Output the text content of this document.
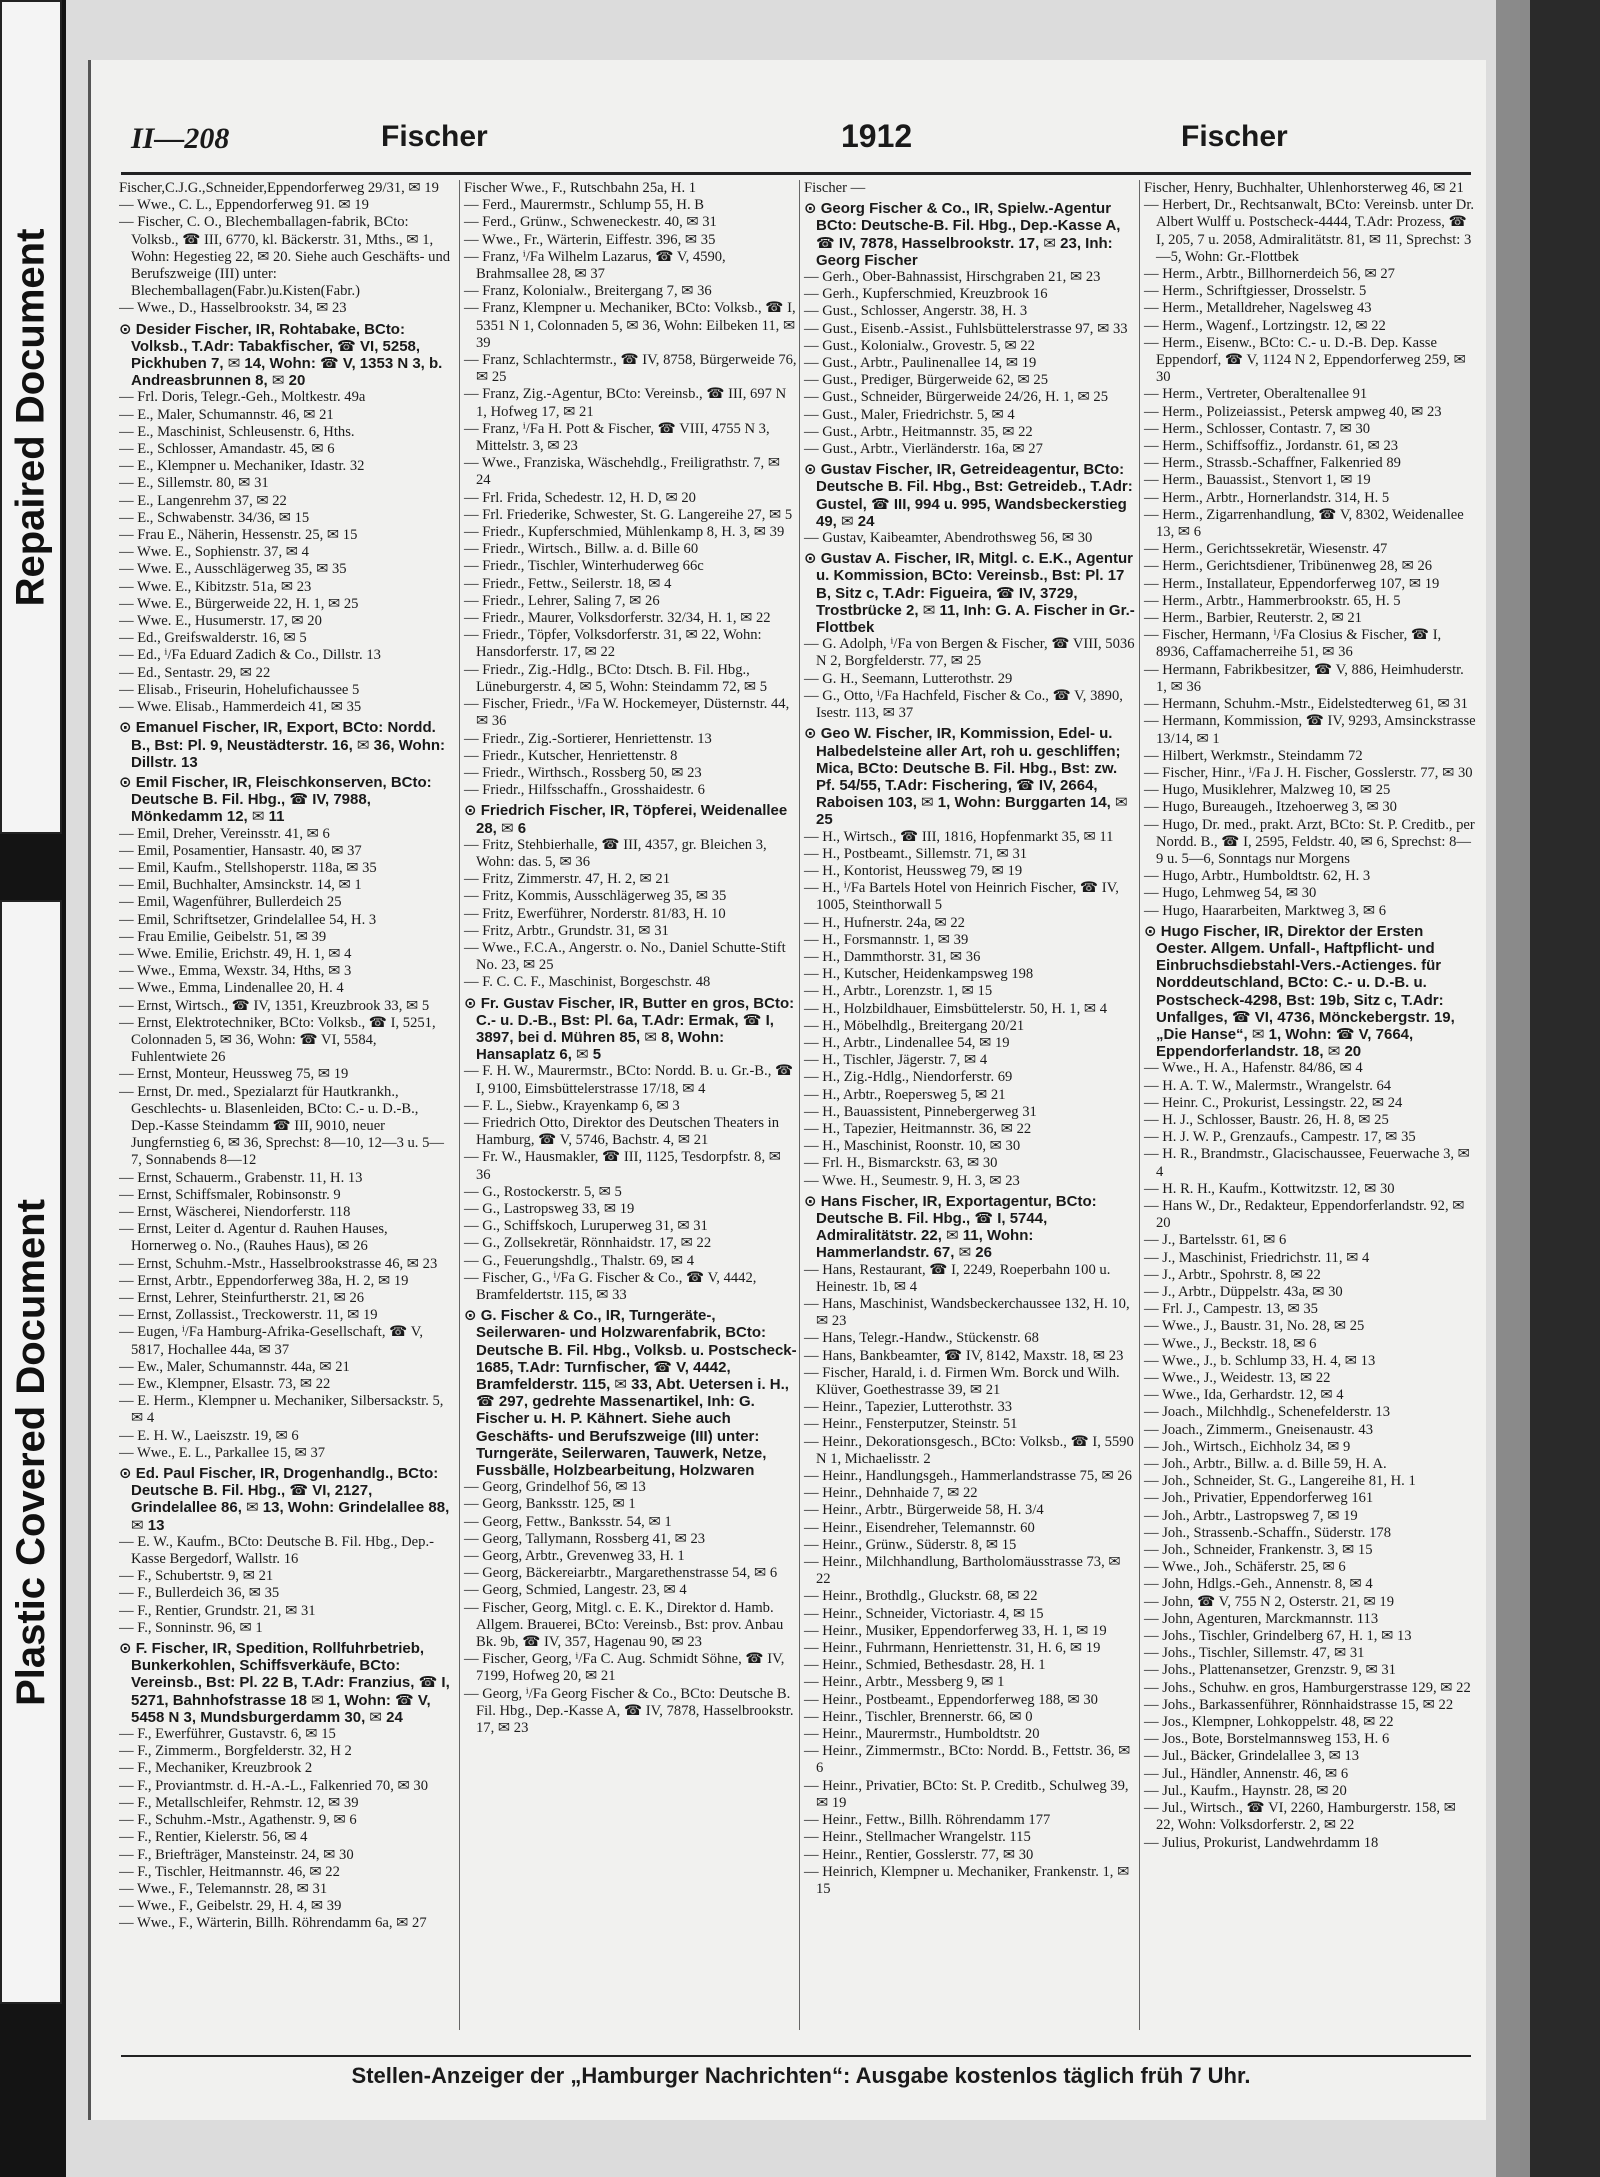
Repaired Document
Plastic Covered Document
II—208	Fischer	1912	Fischer

Fischer,C.J.G.,Schneider,Eppendorferweg 29/31, ✉ 19

— Wwe., C. L., Eppendorferweg 91. ✉ 19

— Fischer, C. O., Blechemballagen-fabrik, BCto: Volksb., ☎ III, 6770, kl. Bäckerstr. 31, Mths., ✉ 1, Wohn: Hegestieg 22, ✉ 20. Siehe auch Geschäfts- und Berufszweige (III) unter: Blechemballagen(Fabr.)u.Kisten(Fabr.)

— Wwe., D., Hasselbrookstr. 34, ✉ 23

⊙ Desider Fischer, IR, Rohtabake, BCto: Volksb., T.Adr: Tabakfischer, ☎ VI, 5258, Pickhuben 7, ✉ 14, Wohn: ☎ V, 1353 N 3, b. Andreasbrunnen 8, ✉ 20

— Frl. Doris, Telegr.-Geh., Moltkestr. 49a

— E., Maler, Schumannstr. 46, ✉ 21

— E., Maschinist, Schleusenstr. 6, Hths.

— E., Schlosser, Amandastr. 45, ✉ 6

— E., Klempner u. Mechaniker, Idastr. 32

— E., Sillemstr. 80, ✉ 31

— E., Langenrehm 37, ✉ 22

— E., Schwabenstr. 34/36, ✉ 15

— Frau E., Näherin, Hessenstr. 25, ✉ 15

— Wwe. E., Sophienstr. 37, ✉ 4

— Wwe. E., Ausschlägerweg 35, ✉ 35

— Wwe. E., Kibitzstr. 51a, ✉ 23

— Wwe. E., Bürgerweide 22, H. 1, ✉ 25

— Wwe. E., Husumerstr. 17, ✉ 20

— Ed., Greifswalderstr. 16, ✉ 5

— Ed., ⁱ/Fa Eduard Zadich & Co., Dillstr. 13

— Ed., Sentastr. 29, ✉ 22

— Elisab., Friseurin, Hohelufichaussee 5

— Wwe. Elisab., Hammerdeich 41, ✉ 35

⊙ Emanuel Fischer, IR, Export, BCto: Nordd. B., Bst: Pl. 9, Neustädterstr. 16, ✉ 36, Wohn: Dillstr. 13

⊙ Emil Fischer, IR, Fleischkonserven, BCto: Deutsche B. Fil. Hbg., ☎ IV, 7988, Mönkedamm 12, ✉ 11

— Emil, Dreher, Vereinsstr. 41, ✉ 6

— Emil, Posamentier, Hansastr. 40, ✉ 37

— Emil, Kaufm., Stellshoperstr. 118a, ✉ 35

— Emil, Buchhalter, Amsinckstr. 14, ✉ 1

— Emil, Wagenführer, Bullerdeich 25

— Emil, Schriftsetzer, Grindelallee 54, H. 3

— Frau Emilie, Geibelstr. 51, ✉ 39

— Wwe. Emilie, Erichstr. 49, H. 1, ✉ 4

— Wwe., Emma, Wexstr. 34, Hths, ✉ 3

— Wwe., Emma, Lindenallee 20, H. 4

— Ernst, Wirtsch., ☎ IV, 1351, Kreuzbrook 33, ✉ 5

— Ernst, Elektrotechniker, BCto: Volksb., ☎ I, 5251, Colonnaden 5, ✉ 36, Wohn: ☎ VI, 5584, Fuhlentwiete 26

— Ernst, Monteur, Heussweg 75, ✉ 19

— Ernst, Dr. med., Spezialarzt für Hautkrankh., Geschlechts- u. Blasenleiden, BCto: C.- u. D.-B., Dep.-Kasse Steindamm ☎ III, 9010, neuer Jungfernstieg 6, ✉ 36, Sprechst: 8—10, 12—3 u. 5—7, Sonnabends 8—12

— Ernst, Schauerm., Grabenstr. 11, H. 13

— Ernst, Schiffsmaler, Robinsonstr. 9

— Ernst, Wäscherei, Niendorferstr. 118

— Ernst, Leiter d. Agentur d. Rauhen Hauses, Hornerweg o. No., (Rauhes Haus), ✉ 26

— Ernst, Schuhm.-Mstr., Hasselbrookstrasse 46, ✉ 23

— Ernst, Arbtr., Eppendorferweg 38a, H. 2, ✉ 19

— Ernst, Lehrer, Steinfurtherstr. 21, ✉ 26

— Ernst, Zollassist., Treckowerstr. 11, ✉ 19

— Eugen, ⁱ/Fa Hamburg-Afrika-Gesellschaft, ☎ V, 5817, Hochallee 44a, ✉ 37

— Ew., Maler, Schumannstr. 44a, ✉ 21

— Ew., Klempner, Elsastr. 73, ✉ 22

— E. Herm., Klempner u. Mechaniker, Silbersackstr. 5, ✉ 4

— E. H. W., Laeiszstr. 19, ✉ 6

— Wwe., E. L., Parkallee 15, ✉ 37

⊙ Ed. Paul Fischer, IR, Drogenhandlg., BCto: Deutsche B. Fil. Hbg., ☎ VI, 2127, Grindelallee 86, ✉ 13, Wohn: Grindelallee 88, ✉ 13

— E. W., Kaufm., BCto: Deutsche B. Fil. Hbg., Dep.-Kasse Bergedorf, Wallstr. 16

— F., Schubertstr. 9, ✉ 21

— F., Bullerdeich 36, ✉ 35

— F., Rentier, Grundstr. 21, ✉ 31

— F., Sonninstr. 96, ✉ 1

⊙ F. Fischer, IR, Spedition, Rollfuhrbetrieb, Bunkerkohlen, Schiffsverkäufe, BCto: Vereinsb., Bst: Pl. 22 B, T.Adr: Franzius, ☎ I, 5271, Bahnhofstrasse 18 ✉ 1, Wohn: ☎ V, 5458 N 3, Mundsburgerdamm 30, ✉ 24

— F., Ewerführer, Gustavstr. 6, ✉ 15

— F., Zimmerm., Borgfelderstr. 32, H 2

— F., Mechaniker, Kreuzbrook 2

— F., Proviantmstr. d. H.-A.-L., Falkenried 70, ✉ 30

— F., Metallschleifer, Rehmstr. 12, ✉ 39

— F., Schuhm.-Mstr., Agathenstr. 9, ✉ 6

— F., Rentier, Kielerstr. 56, ✉ 4

— F., Briefträger, Mansteinstr. 24, ✉ 30

— F., Tischler, Heitmannstr. 46, ✉ 22

— Wwe., F., Telemannstr. 28, ✉ 31

— Wwe., F., Geibelstr. 29, H. 4, ✉ 39

— Wwe., F., Wärterin, Billh. Röhrendamm 6a, ✉ 27

Fischer Wwe., F., Rutschbahn 25a, H. 1

— Ferd., Maurermstr., Schlump 55, H. B

— Ferd., Grünw., Schweneckestr. 40, ✉ 31

— Wwe., Fr., Wärterin, Eiffestr. 396, ✉ 35

— Franz, ⁱ/Fa Wilhelm Lazarus, ☎ V, 4590, Brahmsallee 28, ✉ 37

— Franz, Kolonialw., Breitergang 7, ✉ 36

— Franz, Klempner u. Mechaniker, BCto: Volksb., ☎ I, 5351 N 1, Colonnaden 5, ✉ 36, Wohn: Eilbeken 11, ✉ 39

— Franz, Schlachtermstr., ☎ IV, 8758, Bürgerweide 76, ✉ 25

— Franz, Zig.-Agentur, BCto: Vereinsb., ☎ III, 697 N 1, Hofweg 17, ✉ 21

— Franz, ⁱ/Fa H. Pott & Fischer, ☎ VIII, 4755 N 3, Mittelstr. 3, ✉ 23

— Wwe., Franziska, Wäschehdlg., Freiligrathstr. 7, ✉ 24

— Frl. Frida, Schedestr. 12, H. D, ✉ 20

— Frl. Friederike, Schwester, St. G. Langereihe 27, ✉ 5

— Friedr., Kupferschmied, Mühlenkamp 8, H. 3, ✉ 39

— Friedr., Wirtsch., Billw. a. d. Bille 60

— Friedr., Tischler, Winterhuderweg 66c

— Friedr., Fettw., Seilerstr. 18, ✉ 4

— Friedr., Lehrer, Saling 7, ✉ 26

— Friedr., Maurer, Volksdorferstr. 32/34, H. 1, ✉ 22

— Friedr., Töpfer, Volksdorferstr. 31, ✉ 22, Wohn: Hansdorferstr. 17, ✉ 22

— Friedr., Zig.-Hdlg., BCto: Dtsch. B. Fil. Hbg., Lüneburgerstr. 4, ✉ 5, Wohn: Steindamm 72, ✉ 5

— Fischer, Friedr., ⁱ/Fa W. Hockemeyer, Düsternstr. 44, ✉ 36

— Friedr., Zig.-Sortierer, Henriettenstr. 13

— Friedr., Kutscher, Henriettenstr. 8

— Friedr., Wirthsch., Rossberg 50, ✉ 23

— Friedr., Hilfsschaffn., Grosshaidestr. 6

⊙ Friedrich Fischer, IR, Töpferei, Weidenallee 28, ✉ 6

— Fritz, Stehbierhalle, ☎ III, 4357, gr. Bleichen 3, Wohn: das. 5, ✉ 36

— Fritz, Zimmerstr. 47, H. 2, ✉ 21

— Fritz, Kommis, Ausschlägerweg 35, ✉ 35

— Fritz, Ewerführer, Norderstr. 81/83, H. 10

— Fritz, Arbtr., Grundstr. 31, ✉ 31

— Wwe., F.C.A., Angerstr. o. No., Daniel Schutte-Stift No. 23, ✉ 25

— F. C. C. F., Maschinist, Borgeschstr. 48

⊙ Fr. Gustav Fischer, IR, Butter en gros, BCto: C.- u. D.-B., Bst: Pl. 6a, T.Adr: Ermak, ☎ I, 3897, bei d. Mühren 85, ✉ 8, Wohn: Hansaplatz 6, ✉ 5

— F. H. W., Maurermstr., BCto: Nordd. B. u. Gr.-B., ☎ I, 9100, Eimsbüttelerstrasse 17/18, ✉ 4

— F. L., Siebw., Krayenkamp 6, ✉ 3

— Friedrich Otto, Direktor des Deutschen Theaters in Hamburg, ☎ V, 5746, Bachstr. 4, ✉ 21

— Fr. W., Hausmakler, ☎ III, 1125, Tesdorpfstr. 8, ✉ 36

— G., Rostockerstr. 5, ✉ 5

— G., Lastropsweg 33, ✉ 19

— G., Schiffskoch, Luruperweg 31, ✉ 31

— G., Zollsekretär, Rönnhaidstr. 17, ✉ 22

— G., Feuerungshdlg., Thalstr. 69, ✉ 4

— Fischer, G., ⁱ/Fa G. Fischer & Co., ☎ V, 4442, Bramfeldertstr. 115, ✉ 33

⊙ G. Fischer & Co., IR, Turngeräte-, Seilerwaren- und Holzwarenfabrik, BCto: Deutsche B. Fil. Hbg., Volksb. u. Postscheck-1685, T.Adr: Turnfischer, ☎ V, 4442, Bramfelderstr. 115, ✉ 33, Abt. Uetersen i. H., ☎ 297, gedrehte Massenartikel, Inh: G. Fischer u. H. P. Kähnert. Siehe auch Geschäfts- und Berufszweige (III) unter: Turngeräte, Seilerwaren, Tauwerk, Netze, Fussbälle, Holzbearbeitung, Holzwaren

— Georg, Grindelhof 56, ✉ 13

— Georg, Banksstr. 125, ✉ 1

— Georg, Fettw., Banksstr. 54, ✉ 1

— Georg, Tallymann, Rossberg 41, ✉ 23

— Georg, Arbtr., Grevenweg 33, H. 1

— Georg, Bäckereiarbtr., Margarethenstrasse 54, ✉ 6

— Georg, Schmied, Langestr. 23, ✉ 4

— Fischer, Georg, Mitgl. c. E. K., Direktor d. Hamb. Allgem. Brauerei, BCto: Vereinsb., Bst: prov. Anbau Bk. 9b, ☎ IV, 357, Hagenau 90, ✉ 23

— Fischer, Georg, ⁱ/Fa C. Aug. Schmidt Söhne, ☎ IV, 7199, Hofweg 20, ✉ 21

— Georg, ⁱ/Fa Georg Fischer & Co., BCto: Deutsche B. Fil. Hbg., Dep.-Kasse A, ☎ IV, 7878, Hasselbrookstr. 17, ✉ 23

Fischer —

⊙ Georg Fischer & Co., IR, Spielw.-Agentur BCto: Deutsche-B. Fil. Hbg., Dep.-Kasse A, ☎ IV, 7878, Hasselbrookstr. 17, ✉ 23, Inh: Georg Fischer

— Gerh., Ober-Bahnassist, Hirschgraben 21, ✉ 23

— Gerh., Kupferschmied, Kreuzbrook 16

— Gust., Schlosser, Angerstr. 38, H. 3

— Gust., Eisenb.-Assist., Fuhlsbüttelerstrasse 97, ✉ 33

— Gust., Kolonialw., Grovestr. 5, ✉ 22

— Gust., Arbtr., Paulinenallee 14, ✉ 19

— Gust., Prediger, Bürgerweide 62, ✉ 25

— Gust., Schneider, Bürgerweide 24/26, H. 1, ✉ 25

— Gust., Maler, Friedrichstr. 5, ✉ 4

— Gust., Arbtr., Heitmannstr. 35, ✉ 22

— Gust., Arbtr., Vierländerstr. 16a, ✉ 27

⊙ Gustav Fischer, IR, Getreideagentur, BCto: Deutsche B. Fil. Hbg., Bst: Getreideb., T.Adr: Gustel, ☎ III, 994 u. 995, Wandsbeckerstieg 49, ✉ 24

— Gustav, Kaibeamter, Abendrothsweg 56, ✉ 30

⊙ Gustav A. Fischer, IR, Mitgl. c. E.K., Agentur u. Kommission, BCto: Vereinsb., Bst: Pl. 17 B, Sitz c, T.Adr: Figueira, ☎ IV, 3729, Trostbrücke 2, ✉ 11, Inh: G. A. Fischer in Gr.-Flottbek

— G. Adolph, ⁱ/Fa von Bergen & Fischer, ☎ VIII, 5036 N 2, Borgfelderstr. 77, ✉ 25

— G. H., Seemann, Lutterothstr. 29

— G., Otto, ⁱ/Fa Hachfeld, Fischer & Co., ☎ V, 3890, Isestr. 113, ✉ 37

⊙ Geo W. Fischer, IR, Kommission, Edel- u. Halbedelsteine aller Art, roh u. geschliffen; Mica, BCto: Deutsche B. Fil. Hbg., Bst: zw. Pf. 54/55, T.Adr: Fischering, ☎ IV, 2664, Raboisen 103, ✉ 1, Wohn: Burggarten 14, ✉ 25

— H., Wirtsch., ☎ III, 1816, Hopfenmarkt 35, ✉ 11

— H., Postbeamt., Sillemstr. 71, ✉ 31

— H., Kontorist, Heussweg 79, ✉ 19

— H., ⁱ/Fa Bartels Hotel von Heinrich Fischer, ☎ IV, 1005, Steinthorwall 5

— H., Hufnerstr. 24a, ✉ 22

— H., Forsmannstr. 1, ✉ 39

— H., Dammthorstr. 31, ✉ 36

— H., Kutscher, Heidenkampsweg 198

— H., Arbtr., Lorenzstr. 1, ✉ 15

— H., Holzbildhauer, Eimsbüttelerstr. 50, H. 1, ✉ 4

— H., Möbelhdlg., Breitergang 20/21

— H., Arbtr., Lindenallee 54, ✉ 19

— H., Tischler, Jägerstr. 7, ✉ 4

— H., Zig.-Hdlg., Niendorferstr. 69

— H., Arbtr., Roepersweg 5, ✉ 21

— H., Bauassistent, Pinnebergerweg 31

— H., Tapezier, Heitmannstr. 36, ✉ 22

— H., Maschinist, Roonstr. 10, ✉ 30

— Frl. H., Bismarckstr. 63, ✉ 30

— Wwe. H., Seumestr. 9, H. 3, ✉ 23

⊙ Hans Fischer, IR, Exportagentur, BCto: Deutsche B. Fil. Hbg., ☎ I, 5744, Admiralitätstr. 22, ✉ 11, Wohn: Hammerlandstr. 67, ✉ 26

— Hans, Restaurant, ☎ I, 2249, Roeperbahn 100 u. Heinestr. 1b, ✉ 4

— Hans, Maschinist, Wandsbeckerchaussee 132, H. 10, ✉ 23

— Hans, Telegr.-Handw., Stückenstr. 68

— Hans, Bankbeamter, ☎ IV, 8142, Maxstr. 18, ✉ 23

— Fischer, Harald, i. d. Firmen Wm. Borck und Wilh. Klüver, Goethestrasse 39, ✉ 21

— Heinr., Tapezier, Lutterothstr. 33

— Heinr., Fensterputzer, Steinstr. 51

— Heinr., Dekorationsgesch., BCto: Volksb., ☎ I, 5590 N 1, Michaelisstr. 2

— Heinr., Handlungsgeh., Hammerlandstrasse 75, ✉ 26

— Heinr., Dehnhaide 7, ✉ 22

— Heinr., Arbtr., Bürgerweide 58, H. 3/4

— Heinr., Eisendreher, Telemannstr. 60

— Heinr., Grünw., Süderstr. 8, ✉ 15

— Heinr., Milchhandlung, Bartholomäusstrasse 73, ✉ 22

— Heinr., Brothdlg., Gluckstr. 68, ✉ 22

— Heinr., Schneider, Victoriastr. 4, ✉ 15

— Heinr., Musiker, Eppendorferweg 33, H. 1, ✉ 19

— Heinr., Fuhrmann, Henriettenstr. 31, H. 6, ✉ 19

— Heinr., Schmied, Bethesdastr. 28, H. 1

— Heinr., Arbtr., Messberg 9, ✉ 1

— Heinr., Postbeamt., Eppendorferweg 188, ✉ 30

— Heinr., Tischler, Brennerstr. 66, ✉ 0

— Heinr., Maurermstr., Humboldtstr. 20

— Heinr., Zimmermstr., BCto: Nordd. B., Fettstr. 36, ✉ 6

— Heinr., Privatier, BCto: St. P. Creditb., Schulweg 39, ✉ 19

— Heinr., Fettw., Billh. Röhrendamm 177

— Heinr., Stellmacher Wrangelstr. 115

— Heinr., Rentier, Gosslerstr. 77, ✉ 30

— Heinrich, Klempner u. Mechaniker, Frankenstr. 1, ✉ 15

Fischer, Henry, Buchhalter, Uhlenhorsterweg 46, ✉ 21

— Herbert, Dr., Rechtsanwalt, BCto: Vereinsb. unter Dr. Albert Wulff u. Postscheck-4444, T.Adr: Prozess, ☎ I, 205, 7 u. 2058, Admiralitätstr. 81, ✉ 11, Sprechst: 3—5, Wohn: Gr.-Flottbek

— Herm., Arbtr., Billhornerdeich 56, ✉ 27

— Herm., Schriftgiesser, Drosselstr. 5

— Herm., Metalldreher, Nagelsweg 43

— Herm., Wagenf., Lortzingstr. 12, ✉ 22

— Herm., Eisenw., BCto: C.- u. D.-B. Dep. Kasse Eppendorf, ☎ V, 1124 N 2, Eppendorferweg 259, ✉ 30

— Herm., Vertreter, Oberaltenallee 91

— Herm., Polizeiassist., Petersk ampweg 40, ✉ 23

— Herm., Schlosser, Contastr. 7, ✉ 30

— Herm., Schiffsoffiz., Jordanstr. 61, ✉ 23

— Herm., Strassb.-Schaffner, Falkenried 89

— Herm., Bauassist., Stenvort 1, ✉ 19

— Herm., Arbtr., Hornerlandstr. 314, H. 5

— Herm., Zigarrenhandlung, ☎ V, 8302, Weidenallee 13, ✉ 6

— Herm., Gerichtssekretär, Wiesenstr. 47

— Herm., Gerichtsdiener, Tribünenweg 28, ✉ 26

— Herm., Installateur, Eppendorferweg 107, ✉ 19

— Herm., Arbtr., Hammerbrookstr. 65, H. 5

— Herm., Barbier, Reuterstr. 2, ✉ 21

— Fischer, Hermann, ⁱ/Fa Closius & Fischer, ☎ I, 8936, Caffamacherreihe 51, ✉ 36

— Hermann, Fabrikbesitzer, ☎ V, 886, Heimhuderstr. 1, ✉ 36

— Hermann, Schuhm.-Mstr., Eidelstedterweg 61, ✉ 31

— Hermann, Kommission, ☎ IV, 9293, Amsinckstrasse 13/14, ✉ 1

— Hilbert, Werkmstr., Steindamm 72

— Fischer, Hinr., ⁱ/Fa J. H. Fischer, Gosslerstr. 77, ✉ 30

— Hugo, Musiklehrer, Malzweg 10, ✉ 25

— Hugo, Bureaugeh., Itzehoerweg 3, ✉ 30

— Hugo, Dr. med., prakt. Arzt, BCto: St. P. Creditb., per Nordd. B., ☎ I, 2595, Feldstr. 40, ✉ 6, Sprechst: 8—9 u. 5—6, Sonntags nur Morgens

— Hugo, Arbtr., Humboldtstr. 62, H. 3

— Hugo, Lehmweg 54, ✉ 30

— Hugo, Haararbeiten, Marktweg 3, ✉ 6

⊙ Hugo Fischer, IR, Direktor der Ersten Oester. Allgem. Unfall-, Haftpflicht- und Einbruchsdiebstahl-Vers.-Actienges. für Norddeutschland, BCto: C.- u. D.-B. u. Postscheck-4298, Bst: 19b, Sitz c, T.Adr: Unfallges, ☎ VI, 4736, Mönckebergstr. 19, „Die Hanse“, ✉ 1, Wohn: ☎ V, 7664, Eppendorferlandstr. 18, ✉ 20

— Wwe., H. A., Hafenstr. 84/86, ✉ 4

— H. A. T. W., Malermstr., Wrangelstr. 64

— Heinr. C., Prokurist, Lessingstr. 22, ✉ 24

— H. J., Schlosser, Baustr. 26, H. 8, ✉ 25

— H. J. W. P., Grenzaufs., Campestr. 17, ✉ 35

— H. R., Brandmstr., Glacischaussee, Feuerwache 3, ✉ 4

— H. R. H., Kaufm., Kottwitzstr. 12, ✉ 30

— Hans W., Dr., Redakteur, Eppendorferlandstr. 92, ✉ 20

— J., Bartelsstr. 61, ✉ 6

— J., Maschinist, Friedrichstr. 11, ✉ 4

— J., Arbtr., Spohrstr. 8, ✉ 22

— J., Arbtr., Düppelstr. 43a, ✉ 30

— Frl. J., Campestr. 13, ✉ 35

— Wwe., J., Baustr. 31, No. 28, ✉ 25

— Wwe., J., Beckstr. 18, ✉ 6

— Wwe., J., b. Schlump 33, H. 4, ✉ 13

— Wwe., J., Weidestr. 13, ✉ 22

— Wwe., Ida, Gerhardstr. 12, ✉ 4

— Joach., Milchhdlg., Schenefelderstr. 13

— Joach., Zimmerm., Gneisenaustr. 43

— Joh., Wirtsch., Eichholz 34, ✉ 9

— Joh., Arbtr., Billw. a. d. Bille 59, H. A.

— Joh., Schneider, St. G., Langereihe 81, H. 1

— Joh., Privatier, Eppendorferweg 161

— Joh., Arbtr., Lastropsweg 7, ✉ 19

— Joh., Strassenb.-Schaffn., Süderstr. 178

— Joh., Schneider, Frankenstr. 3, ✉ 15

— Wwe., Joh., Schäferstr. 25, ✉ 6

— John, Hdlgs.-Geh., Annenstr. 8, ✉ 4

— John, ☎ V, 755 N 2, Osterstr. 21, ✉ 19

— John, Agenturen, Marckmannstr. 113

— Johs., Tischler, Grindelberg 67, H. 1, ✉ 13

— Johs., Tischler, Sillemstr. 47, ✉ 31

— Johs., Plattenansetzer, Grenzstr. 9, ✉ 31

— Johs., Schuhw. en gros, Hamburgerstrasse 129, ✉ 22

— Johs., Barkassenführer, Rönnhaidstrasse 15, ✉ 22

— Jos., Klempner, Lohkoppelstr. 48, ✉ 22

— Jos., Bote, Borstelmannsweg 153, H. 6

— Jul., Bäcker, Grindelallee 3, ✉ 13

— Jul., Händler, Annenstr. 46, ✉ 6

— Jul., Kaufm., Haynstr. 28, ✉ 20

— Jul., Wirtsch., ☎ VI, 2260, Hamburgerstr. 158, ✉ 22, Wohn: Volksdorferstr. 2, ✉ 22

— Julius, Prokurist, Landwehrdamm 18

Stellen-Anzeiger der „Hamburger Nachrichten“: Ausgabe kostenlos täglich früh 7 Uhr.
